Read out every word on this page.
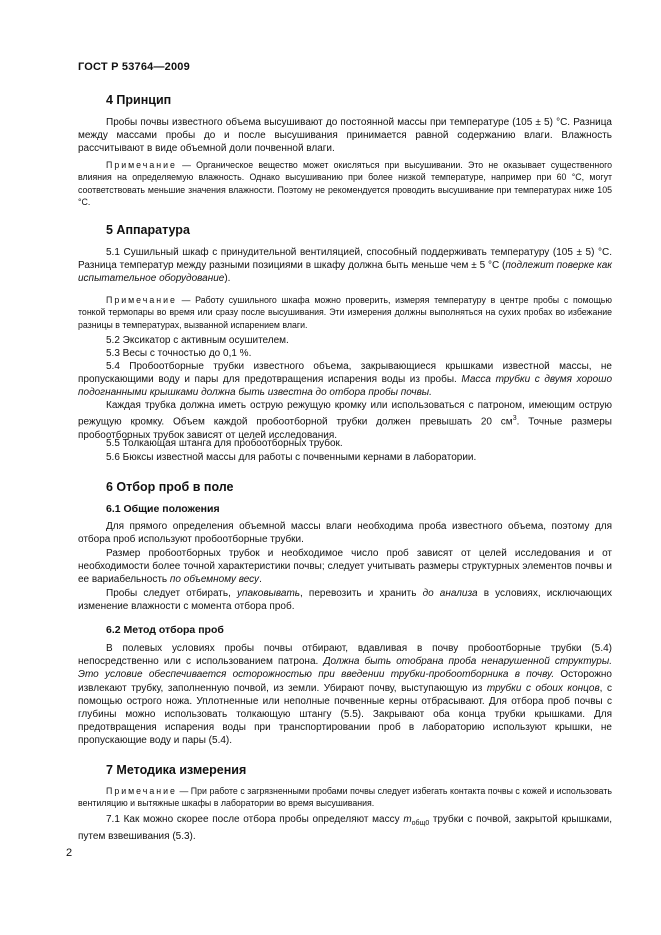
ГОСТ Р 53764—2009
4 Принцип

Пробы почвы известного объема высушивают до постоянной массы при температуре (105 ± 5) °C. Разница между массами пробы до и после высушивания принимается равной содержанию влаги. Влажность рассчитывают в виде объемной доли почвенной влаги.

Примечание — Органическое вещество может окисляться при высушивании. Это не оказывает существенного влияния на определяемую влажность. Однако высушиванию при более низкой температуре, например при 60 °C, могут соответствовать меньшие значения влажности. Поэтому не рекомендуется проводить высушивание при температурах ниже 105 °C.

5 Аппаратура

5.1 Сушильный шкаф с принудительной вентиляцией, способный поддерживать температуру (105 ± 5) °C. Разница температур между разными позициями в шкафу должна быть меньше чем ± 5 °C (подлежит поверке как испытательное оборудование).

Примечание — Работу сушильного шкафа можно проверить, измеряя температуру в центре пробы с помощью тонкой термопары во время или сразу после высушивания. Эти измерения должны выполняться на сухих пробах во избежание разницы в температурах, вызванной испарением влаги.

5.2 Эксикатор с активным осушителем.

5.3 Весы с точностью до 0,1 %.

5.4 Пробоотборные трубки известного объема, закрывающиеся крышками известной массы, не пропускающими воду и пары для предотвращения испарения воды из пробы. Масса трубки с двумя хорошо подогнанными крышками должна быть известна до отбора пробы почвы.

Каждая трубка должна иметь острую режущую кромку или использоваться с патроном, имеющим острую режущую кромку. Объем каждой пробоотборной трубки должен превышать 20 $см^3$. Точные размеры пробоотборных трубок зависят от целей исследования.

5.5 Толкающая штанга для пробоотборных трубок.

5.6 Бюксы известной массы для работы с почвенными кернами в лаборатории.

6 Отбор проб в поле
6.1 Общие положения

Для прямого определения объемной массы влаги необходима проба известного объема, поэтому для отбора проб используют пробоотборные трубки.

Размер пробоотборных трубок и необходимое число проб зависят от целей исследования и от необходимости более точной характеристики почвы; следует учитывать размеры структурных элементов почвы и ее вариабельность по объемному весу.

Пробы следует отбирать, упаковывать, перевозить и хранить до анализа в условиях, исключающих изменение влажности с момента отбора проб.

6.2 Метод отбора проб

В полевых условиях пробы почвы отбирают, вдавливая в почву пробоотборные трубки (5.4) непосредственно или с использованием патрона. Должна быть отобрана проба ненарушенной структуры. Это условие обеспечивается осторожностью при введении трубки-пробоотборника в почву. Осторожно извлекают трубку, заполненную почвой, из земли. Убирают почву, выступающую из трубки с обоих концов, с помощью острого ножа. Уплотненные или неполные почвенные керны отбрасывают. Для отбора проб почвы с глубины можно использовать толкающую штангу (5.5). Закрывают оба конца трубки крышками. Для предотвращения испарения воды при транспортировании проб в лабораторию используют крышки, не пропускающие воду и пары (5.4).

7 Методика измерения

Примечание — При работе с загрязненными пробами почвы следует избегать контакта почвы с кожей и использовать вентиляцию и вытяжные шкафы в лаборатории во время высушивания.

7.1 Как можно скорее после отбора пробы определяют массу $m_{общ0}$ трубки с почвой, закрытой крышками, путем взвешивания (5.3).

2
